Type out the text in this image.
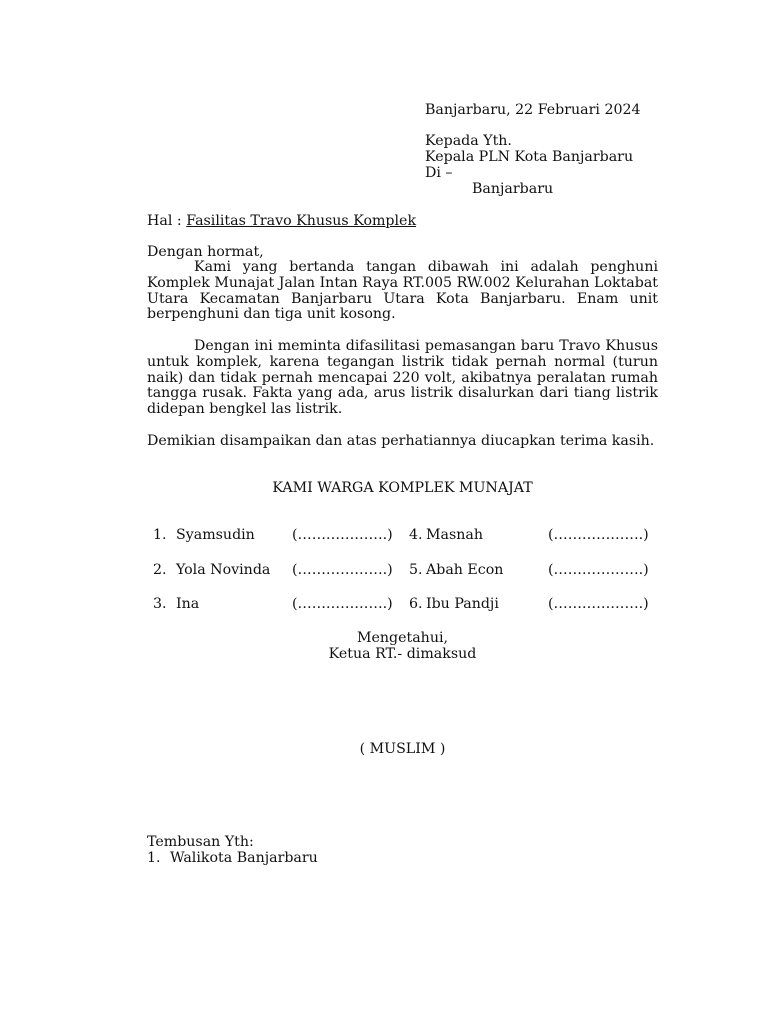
Banjarbaru, 22 Februari 2024
Kepada Yth.
Kepala PLN Kota Banjarbaru
Di –
Banjarbaru
Hal : Fasilitas Travo Khusus Komplek
Dengan hormat,
Kami yang bertanda tangan dibawah ini adalah penghuni Komplek Munajat Jalan Intan Raya RT.005 RW.002 Kelurahan Loktabat Utara Kecamatan Banjarbaru Utara Kota Banjarbaru. Enam unit berpenghuni dan tiga unit kosong.
Dengan ini meminta difasilitasi pemasangan baru Travo Khusus untuk komplek, karena tegangan listrik tidak pernah normal (turun naik) dan tidak pernah mencapai 220 volt, akibatnya peralatan rumah tangga rusak. Fakta yang ada, arus listrik disalurkan dari tiang listrik didepan bengkel las listrik.
Demikian disampaikan dan atas perhatiannya diucapkan terima kasih.
KAMI WARGA KOMPLEK MUNAJAT
1. Syamsudin	(……………….) 4. Masnah	(……………….)
2. Yola Novinda (……………….) 5. Abah Econ	(……………….)
3. Ina	(……………….) 6. Ibu Pandji	(……………….)
Mengetahui,
Ketua RT.- dimaksud
( MUSLIM )
Tembusan Yth:
1. Walikota Banjarbaru
